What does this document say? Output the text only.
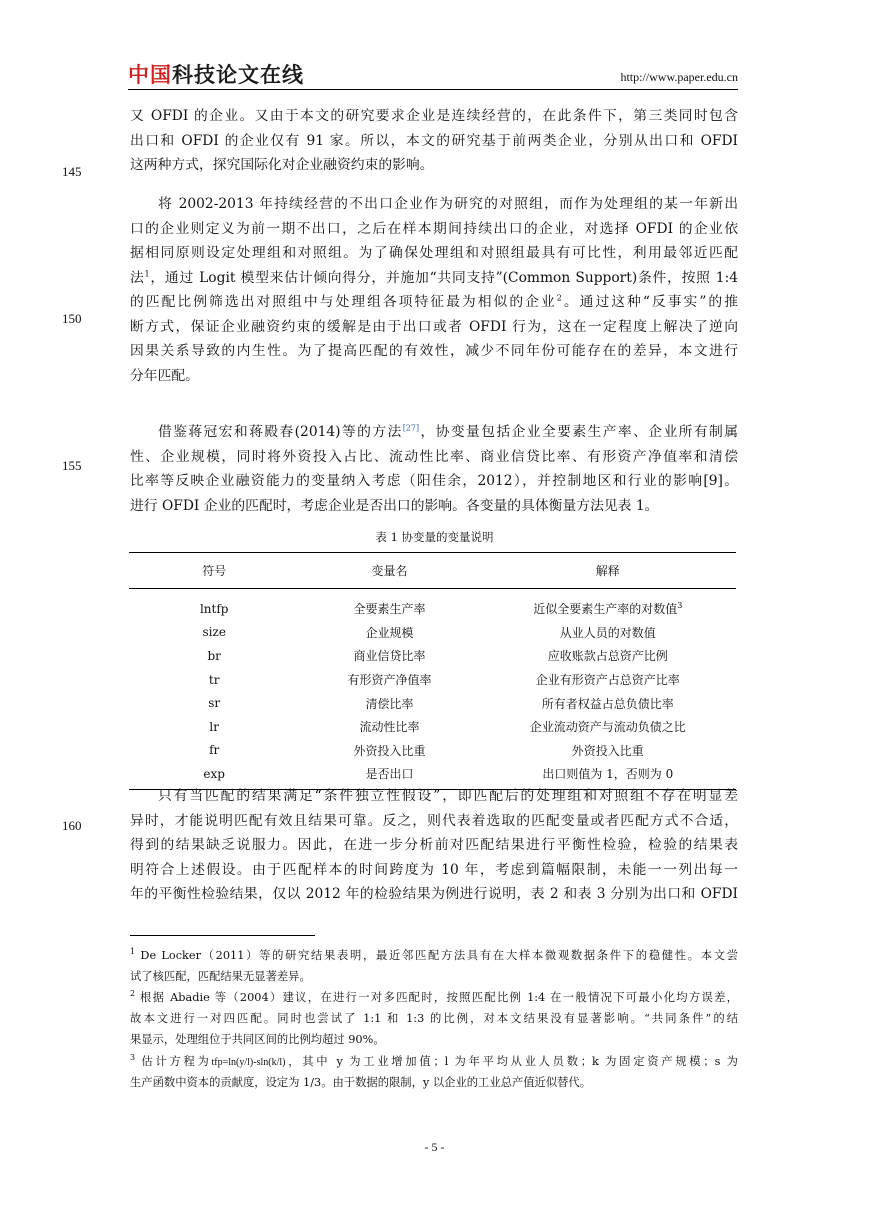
中国科技论文在线	http://www.paper.edu.cn
145
150
155
160
又 OFDI 的企业。又由于本文的研究要求企业是连续经营的，在此条件下，第三类同时包含
出口和 OFDI 的企业仅有 91 家。所以，本文的研究基于前两类企业，分别从出口和 OFDI
这两种方式，探究国际化对企业融资约束的影响。
将 2002-2013 年持续经营的不出口企业作为研究的对照组，而作为处理组的某一年新出
口的企业则定义为前一期不出口，之后在样本期间持续出口的企业，对选择 OFDI 的企业依
据相同原则设定处理组和对照组。为了确保处理组和对照组最具有可比性，利用最邻近匹配
法$^1$，通过 Logit 模型来估计倾向得分，并施加“共同支持”(Common Support)条件，按照 1:4
的匹配比例筛选出对照组中与处理组各项特征最为相似的企业$^2$。通过这种“反事实”的推
断方式，保证企业融资约束的缓解是由于出口或者 OFDI 行为，这在一定程度上解决了逆向
因果关系导致的内生性。为了提高匹配的有效性，减少不同年份可能存在的差异，本文进行
分年匹配。
借鉴蒋冠宏和蒋殿春(2014)等的方法[27]，协变量包括企业全要素生产率、企业所有制属
性、企业规模，同时将外资投入占比、流动性比率、商业信贷比率、有形资产净值率和清偿
比率等反映企业融资能力的变量纳入考虑（阳佳余，2012），并控制地区和行业的影响[9]。
进行 OFDI 企业的匹配时，考虑企业是否出口的影响。各变量的具体衡量方法见表 1。
表 1 协变量的变量说明
符号	变量名	解释
lntfp	全要素生产率	近似全要素生产率的对数值$^3$
size	企业规模	从业人员的对数值
br	商业信贷比率	应收账款占总资产比例
tr	有形资产净值率	企业有形资产占总资产比率
sr	清偿比率	所有者权益占总负债比率
lr	流动性比率	企业流动资产与流动负债之比
fr	外资投入比重	外资投入比重
exp	是否出口	出口则值为 1，否则为 0
只有当匹配的结果满足“条件独立性假设”，即匹配后的处理组和对照组不存在明显差
异时，才能说明匹配有效且结果可靠。反之，则代表着选取的匹配变量或者匹配方式不合适，
得到的结果缺乏说服力。因此，在进一步分析前对匹配结果进行平衡性检验，检验的结果表
明符合上述假设。由于匹配样本的时间跨度为 10 年，考虑到篇幅限制，未能一一列出每一
年的平衡性检验结果，仅以 2012 年的检验结果为例进行说明，表 2 和表 3 分别为出口和 OFDI
$^1$ De Locker（2011）等的研究结果表明，最近邻匹配方法具有在大样本微观数据条件下的稳健性。本文尝
试了核匹配，匹配结果无显著差异。
$^2$ 根据 Abadie 等（2004）建议，在进行一对多匹配时，按照匹配比例 1:4 在一般情况下可最小化均方误差，
故本文进行一对四匹配。同时也尝试了 1:1 和 1:3 的比例，对本文结果没有显著影响。“共同条件”的结
果显示，处理组位于共同区间的比例均超过 90%。
$^3$ 估计方程为tfp=ln(y/l)-sln(k/l)，其中 y 为工业增加值；l 为年平均从业人员数；k 为固定资产规模；s 为
生产函数中资本的贡献度，设定为 1/3。由于数据的限制，y 以企业的工业总产值近似替代。
- 5 -
